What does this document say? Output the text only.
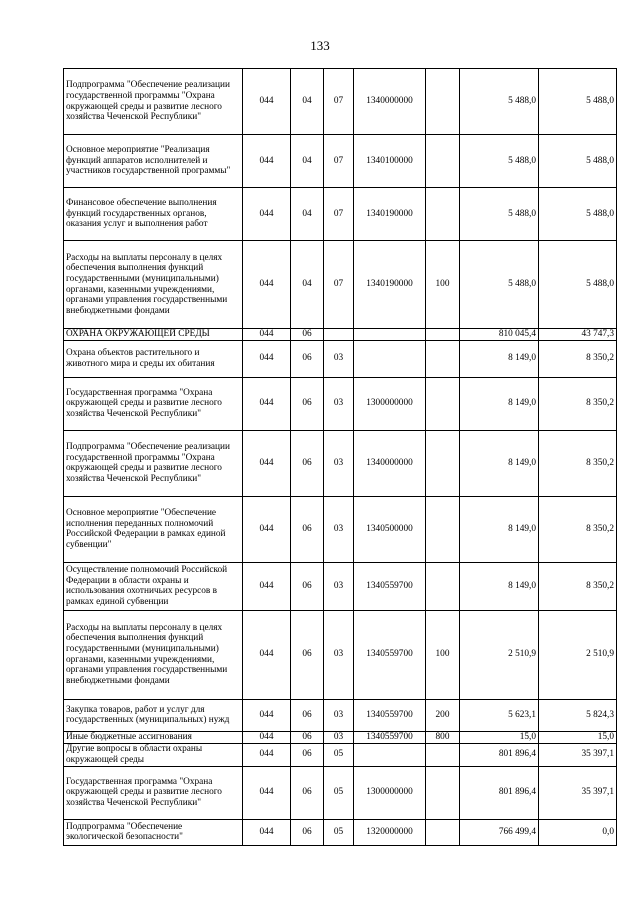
133
Подпрограмма "Обеспечение реализации государственной программы "Охрана окружающей среды и развитие лесного хозяйства Чеченской Республики"	044	04	07	1340000000		5 488,0	5 488,0
Основное мероприятие "Реализация функций аппаратов исполнителей и участников государственной программы"	044	04	07	1340100000		5 488,0	5 488,0
Финансовое обеспечение выполнения функций государственных органов, оказания услуг и выполнения работ	044	04	07	1340190000		5 488,0	5 488,0
Расходы на выплаты персоналу в целях обеспечения выполнения функций государственными (муниципальными) органами, казенными учреждениями, органами управления государственными внебюджетными фондами	044	04	07	1340190000	100	5 488,0	5 488,0
ОХРАНА ОКРУЖАЮЩЕЙ СРЕДЫ	044	06				810 045,4	43 747,3
Охрана объектов растительного и животного мира и среды их обитания	044	06	03			8 149,0	8 350,2
Государственная программа "Охрана окружающей среды и развитие лесного хозяйства Чеченской Республики"	044	06	03	1300000000		8 149,0	8 350,2
Подпрограмма "Обеспечение реализации государственной программы "Охрана окружающей среды и развитие лесного хозяйства Чеченской Республики"	044	06	03	1340000000		8 149,0	8 350,2
Основное мероприятие "Обеспечение исполнения переданных полномочий Российской Федерации в рамках единой субвенции"	044	06	03	1340500000		8 149,0	8 350,2
Осуществление полномочий Российской Федерации в области охраны и использования охотничьих ресурсов в рамках единой субвенции	044	06	03	1340559700		8 149,0	8 350,2
Расходы на выплаты персоналу в целях обеспечения выполнения функций государственными (муниципальными) органами, казенными учреждениями, органами управления государственными внебюджетными фондами	044	06	03	1340559700	100	2 510,9	2 510,9
Закупка товаров, работ и услуг для государственных (муниципальных) нужд	044	06	03	1340559700	200	5 623,1	5 824,3
Иные бюджетные ассигнования	044	06	03	1340559700	800	15,0	15,0
Другие вопросы в области охраны окружающей среды	044	06	05			801 896,4	35 397,1
Государственная программа "Охрана окружающей среды и развитие лесного хозяйства Чеченской Республики"	044	06	05	1300000000		801 896,4	35 397,1
Подпрограмма "Обеспечение экологической безопасности"	044	06	05	1320000000		766 499,4	0,0
